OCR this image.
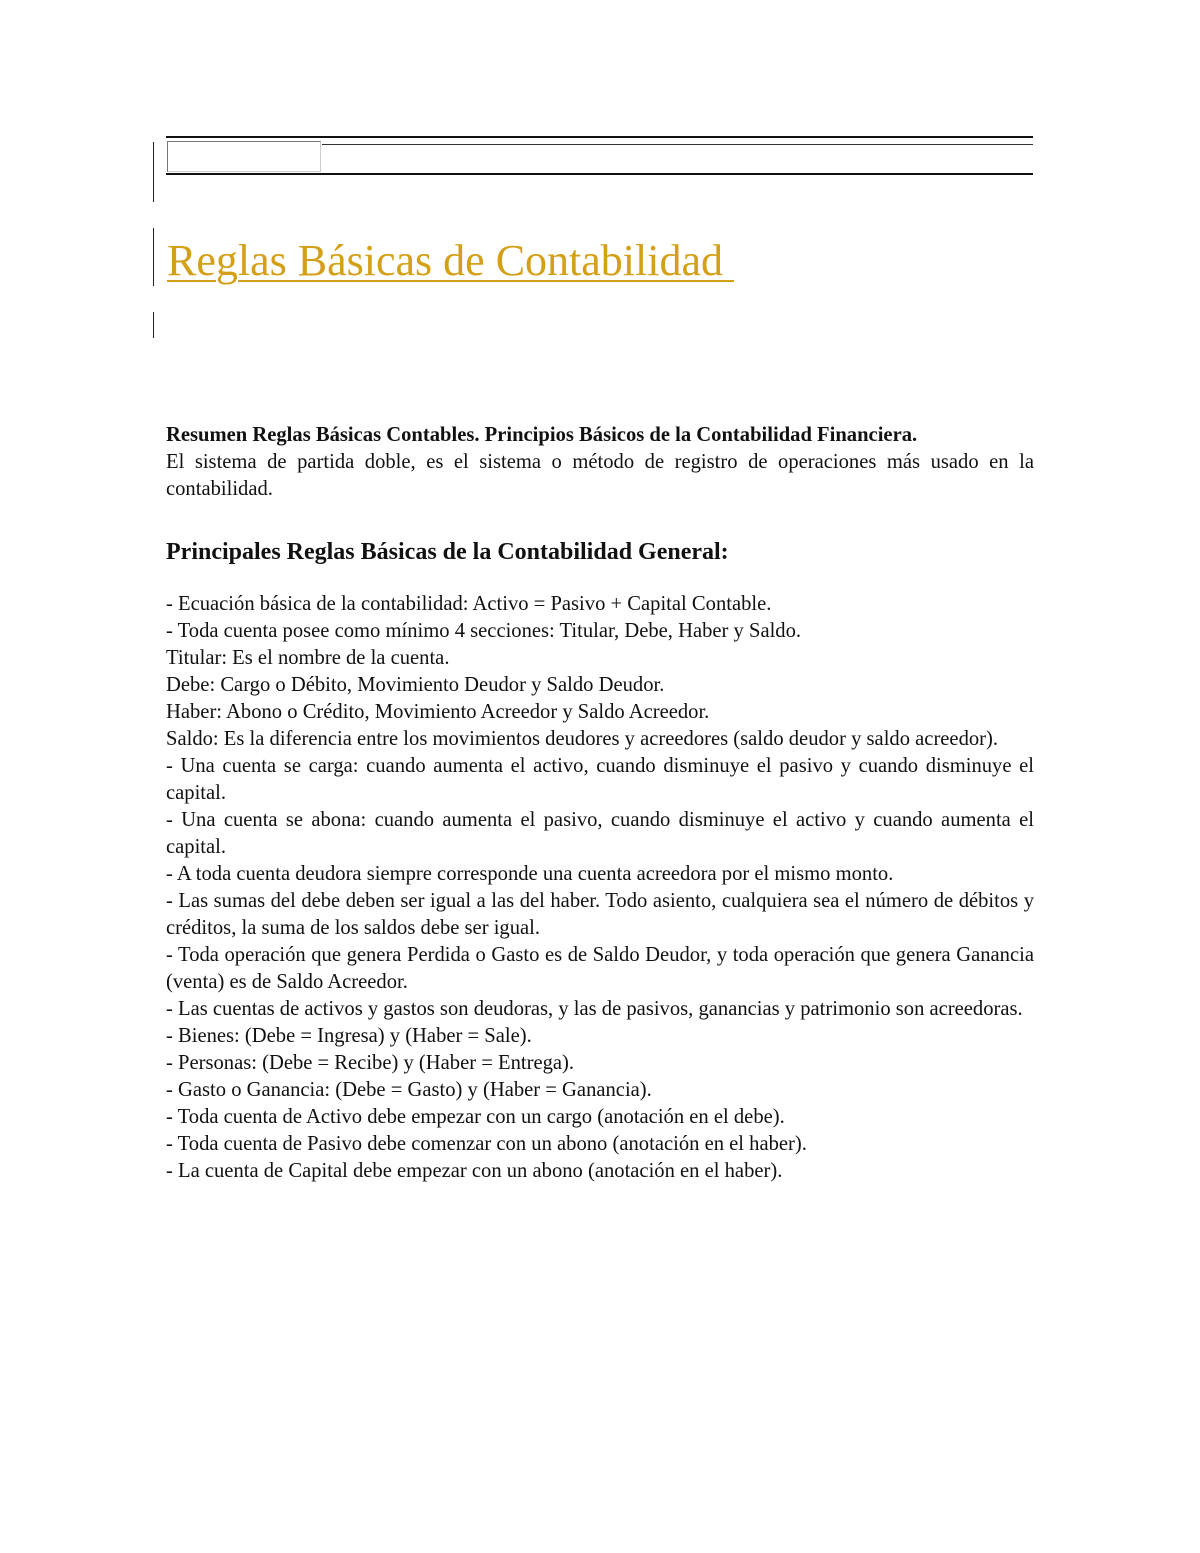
Reglas Básicas de Contabilidad

Resumen Reglas Básicas Contables. Principios Básicos de la Contabilidad Financiera.

El sistema de partida doble, es el sistema o método de registro de operaciones más usado en la contabilidad.

Principales Reglas Básicas de la Contabilidad General:

- Ecuación básica de la contabilidad: Activo = Pasivo + Capital Contable.

- Toda cuenta posee como mínimo 4 secciones: Titular, Debe, Haber y Saldo.

Titular: Es el nombre de la cuenta.

Debe: Cargo o Débito, Movimiento Deudor y Saldo Deudor.

Haber: Abono o Crédito, Movimiento Acreedor y Saldo Acreedor.

Saldo: Es la diferencia entre los movimientos deudores y acreedores (saldo deudor y saldo acreedor).

- Una cuenta se carga: cuando aumenta el activo, cuando disminuye el pasivo y cuando disminuye el capital.

- Una cuenta se abona: cuando aumenta el pasivo, cuando disminuye el activo y cuando aumenta el capital.

- A toda cuenta deudora siempre corresponde una cuenta acreedora por el mismo monto.

- Las sumas del debe deben ser igual a las del haber. Todo asiento, cualquiera sea el número de débitos y créditos, la suma de los saldos debe ser igual.

- Toda operación que genera Perdida o Gasto es de Saldo Deudor, y toda operación que genera Ganancia (venta) es de Saldo Acreedor.

- Las cuentas de activos y gastos son deudoras, y las de pasivos, ganancias y patrimonio son acreedoras.

- Bienes: (Debe = Ingresa) y (Haber = Sale).

- Personas: (Debe = Recibe) y (Haber = Entrega).

- Gasto o Ganancia: (Debe = Gasto) y (Haber = Ganancia).

- Toda cuenta de Activo debe empezar con un cargo (anotación en el debe).

- Toda cuenta de Pasivo debe comenzar con un abono (anotación en el haber).

- La cuenta de Capital debe empezar con un abono (anotación en el haber).
